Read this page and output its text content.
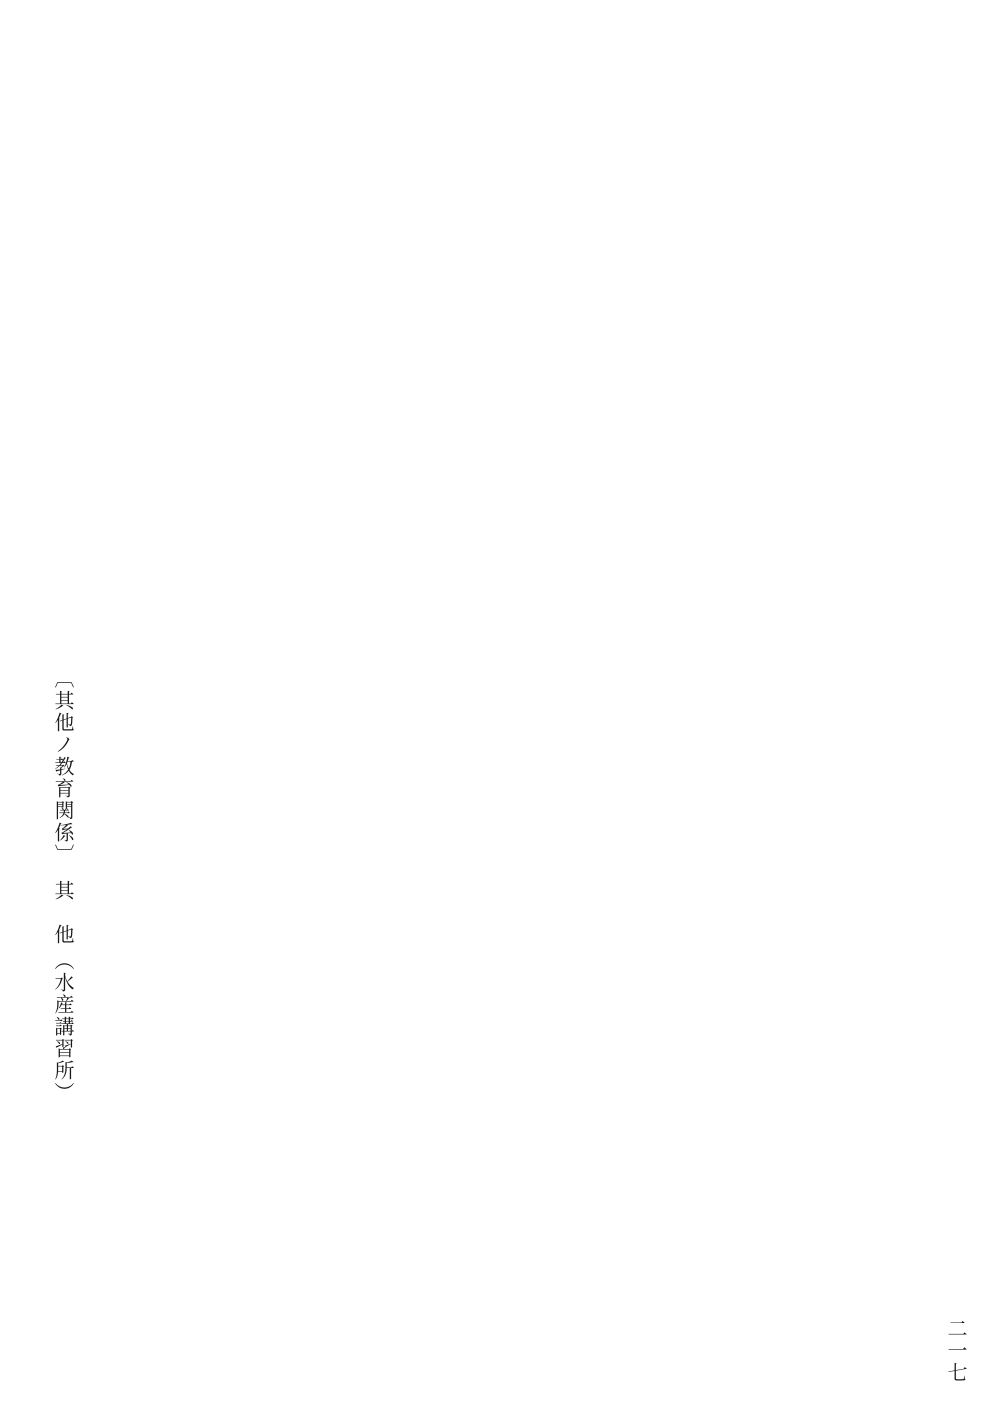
〔其他ノ教育関係〕
其　他
（水産講習所）
二一七
